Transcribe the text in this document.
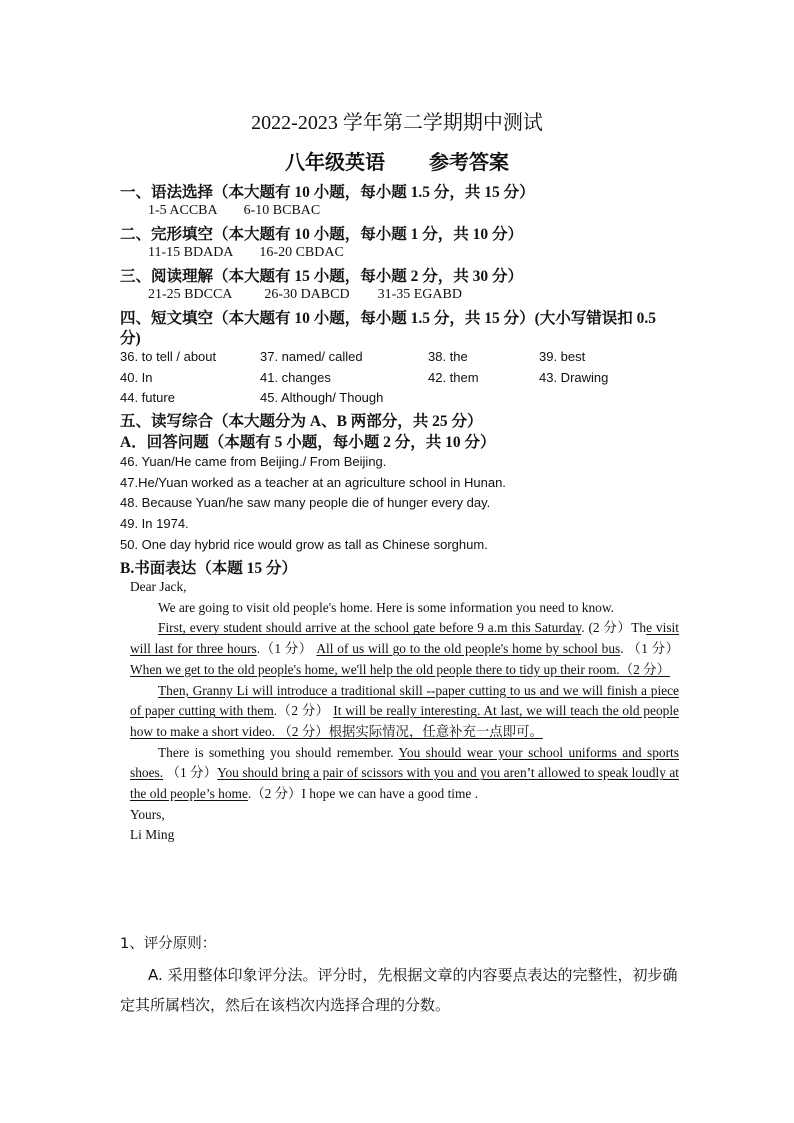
2022-2023 学年第二学期期中测试
八年级英语 参考答案
一、语法选择（本大题有 10 小题，每小题 1.5 分，共 15 分）
1-5 ACCBA 6-10 BCBAC
二、完形填空（本大题有 10 小题，每小题 1 分，共 10 分）
11-15 BDADA 16-20 CBDAC
三、阅读理解（本大题有 15 小题，每小题 2 分，共 30 分）
21-25 BDCCA 26-30 DABCD 31-35 EGABD
四、短文填空（本大题有 10 小题，每小题 1.5 分，共 15 分）(大小写错误扣 0.5
分)
36. to tell / about	37. named/ called	38. the	39. best
40. In	41. changes	42. them	43. Drawing
44. future	45. Although/ Though
五、读写综合（本大题分为 A、B 两部分，共 25 分）
A．回答问题（本题有 5 小题，每小题 2 分，共 10 分）
46. Yuan/He came from Beijing./ From Beijing.
47.He/Yuan worked as a teacher at an agriculture school in Hunan.
48. Because Yuan/he saw many people die of hunger every day.
49. In 1974.
50. One day hybrid rice would grow as tall as Chinese sorghum.
B.书面表达（本题 15 分）

Dear Jack,

We are going to visit old people's home. Here is some information you need to know.

First, every student should arrive at the school gate before 9 a.m this Saturday. (2 分）The visit will last for three hours.（1 分） All of us will go to the old people's home by school bus. （1 分）When we get to the old people's home, we'll help the old people there to tidy up their room.（2 分）

Then, Granny Li will introduce a traditional skill --paper cutting to us and we will finish a piece of paper cutting with them.（2 分） It will be really interesting. At last, we will teach the old people how to make a short video. （2 分）根据实际情况，任意补充一点即可。

There is something you should remember. You should wear your school uniforms and sports shoes. （1 分）You should bring a pair of scissors with you and you aren’t allowed to speak loudly at the old people’s home.（2 分）I hope we can have a good time .

Yours,

Li Ming

1、评分原则：
A. 采用整体印象评分法。评分时，先根据文章的内容要点表达的完整性，初步确定其所属档次，然后在该档次内选择合理的分数。
